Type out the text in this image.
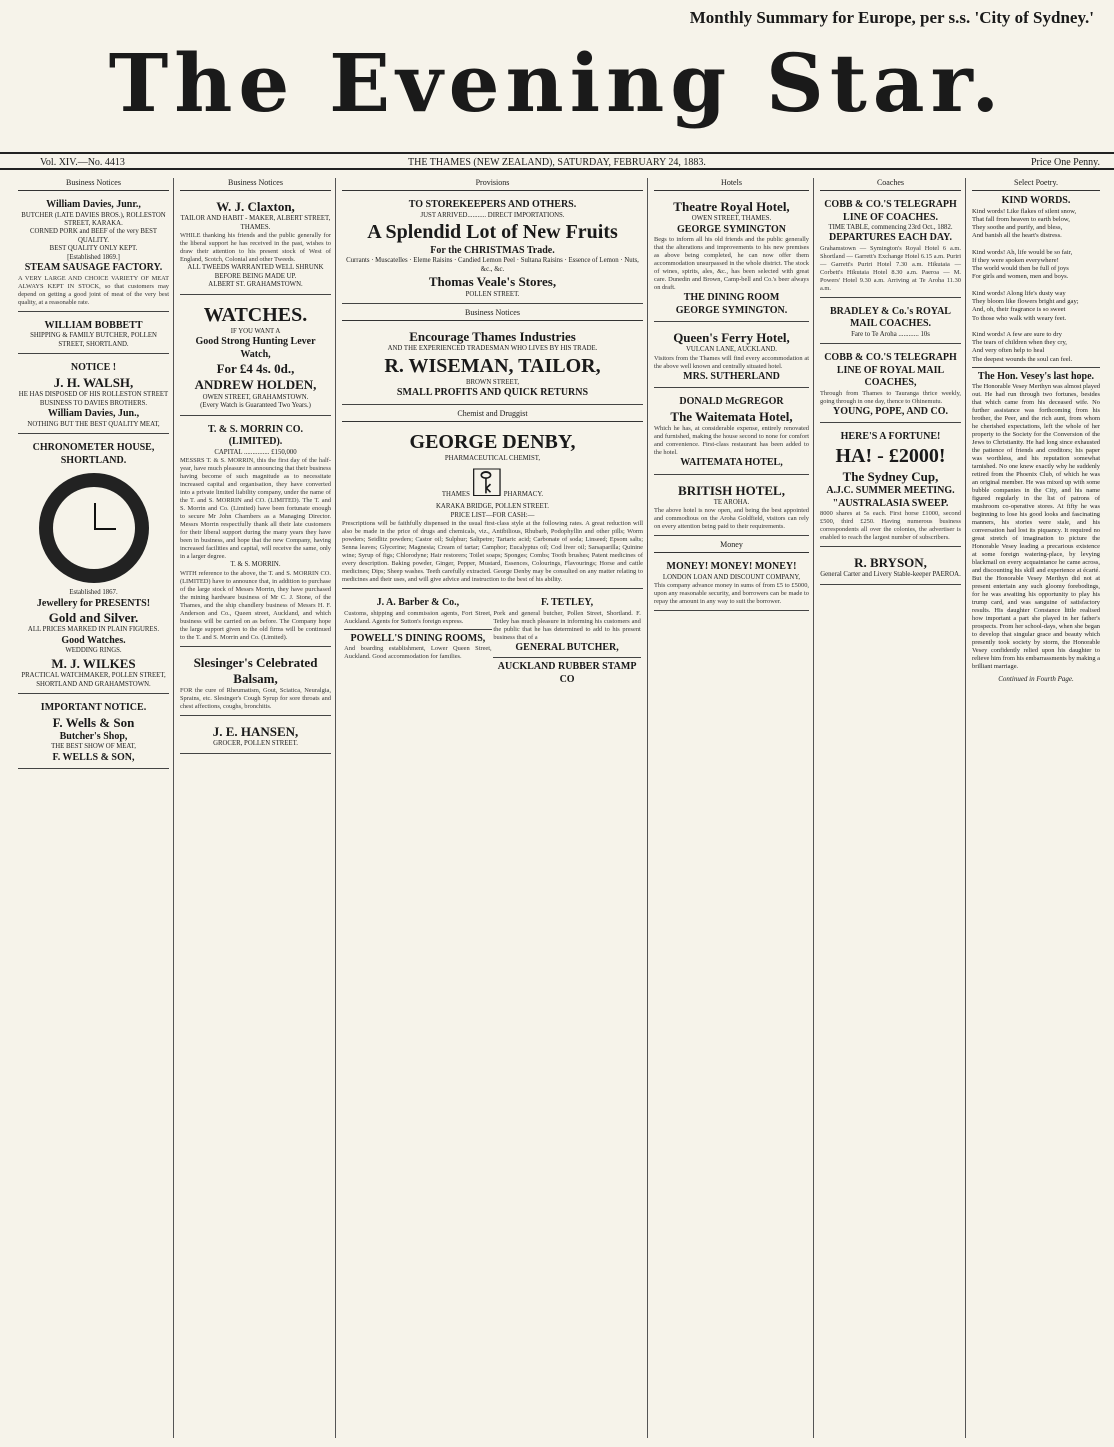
Monthly Summary for Europe, per s.s. 'City of Sydney.'
The Evening Star.
Vol. XIV.—No. 4413	THE THAMES (NEW ZEALAND), SATURDAY, FEBRUARY 24, 1883.	Price One Penny.
Business Notices
William Davies, Junr.,
BUTCHER (LATE DAVIES BROS.), ROLLESTON STREET, KARAKA.
CORNED PORK and BEEF of the very BEST QUALITY.
BEST QUALITY ONLY KEPT.
[Established 1869.]
STEAM SAUSAGE FACTORY.
A VERY LARGE AND CHOICE VARIETY OF MEAT ALWAYS KEPT IN STOCK, so that customers may depend on getting a good joint of meat of the very best quality, at a reasonable rate.
WILLIAM BOBBETT
SHIPPING & FAMILY BUTCHER, POLLEN STREET, SHORTLAND.
NOTICE !
J. H. WALSH,
HE HAS DISPOSED OF HIS ROLLESTON STREET BUSINESS TO DAVIES BROTHERS.
William Davies, Jun.,
NOTHING BUT THE BEST QUALITY MEAT,
CHRONOMETER HOUSE, SHORTLAND.
Established 1867.
Jewellery for PRESENTS!
Gold and Silver.
ALL PRICES MARKED IN PLAIN FIGURES.
Good Watches.
WEDDING RINGS.
M. J. WILKES
PRACTICAL WATCHMAKER, POLLEN STREET, SHORTLAND AND GRAHAMSTOWN.
IMPORTANT NOTICE.
F. Wells & Son
Butcher's Shop,
THE BEST SHOW OF MEAT,
F. WELLS & SON,
Business Notices
W. J. Claxton,
TAILOR AND HABIT - MAKER, ALBERT STREET, THAMES.
WHILE thanking his friends and the public generally for the liberal support he has received in the past, wishes to draw their attention to his present stock of West of England, Scotch, Colonial and other Tweeds.
ALL TWEEDS WARRANTED WELL SHRUNK BEFORE BEING MADE UP.
ALBERT ST. GRAHAMSTOWN.
WATCHES.
IF YOU WANT A
Good Strong Hunting Lever Watch,
For £4 4s. 0d.,
ANDREW HOLDEN,
OWEN STREET, GRAHAMSTOWN.
(Every Watch is Guaranteed Two Years.)
T. & S. MORRIN CO. (LIMITED).
CAPITAL ............... £150,000
MESSRS T. & S. MORRIN, this the first day of the half-year, have much pleasure in announcing that their business having become of such magnitude as to necessitate increased capital and organisation, they have converted into a private limited liability company, under the name of the T. and S. MORRIN and CO. (LIMITED). The T. and S. Morrin and Co. (Limited) have been fortunate enough to secure Mr John Chambers as a Managing Director. Messrs Morrin respectfully thank all their late customers for their liberal support during the many years they have been in business, and hope that the new Company, having increased facilities and capital, will receive the same, only in a larger degree.
T. & S. MORRIN.
WITH reference to the above, the T. and S. MORRIN CO. (LIMITED) have to announce that, in addition to purchase of the large stock of Messrs Morrin, they have purchased the mining hardware business of Mr C. J. Stone, of the Thames, and the ship chandlery business of Messrs H. F. Anderson and Co., Queen street, Auckland, and which business will be carried on as before. The Company hope the large support given to the old firms will be continued to the T. and S. Morrin and Co. (Limited).
Slesinger's Celebrated Balsam,
FOR the cure of Rheumatism, Gout, Sciatica, Neuralgia, Sprains, etc. Slesinger's Cough Syrup for sore throats and chest affections, coughs, bronchitis.
J. E. HANSEN,
GROCER, POLLEN STREET.
Provisions
TO STOREKEEPERS AND OTHERS.
JUST ARRIVED........... DIRECT IMPORTATIONS.
A Splendid Lot of New Fruits
For the CHRISTMAS Trade.
Currants · Muscatelles · Eleme Raisins · Candied Lemon Peel · Sultana Raisins · Essence of Lemon · Nuts, &c., &c.
Thomas Veale's Stores,
POLLEN STREET.
Business Notices
Encourage Thames Industries
AND THE EXPERIENCED TRADESMAN WHO LIVES BY HIS TRADE.
R. WISEMAN, TAILOR,
BROWN STREET,
SMALL PROFITS AND QUICK RETURNS
Chemist and Druggist
GEORGE DENBY,
PHARMACEUTICAL CHEMIST,
THAMES ⚿ PHARMACY.
KARAKA BRIDGE, POLLEN STREET.
PRICE LIST—FOR CASH:—
Prescriptions will be faithfully dispensed in the usual first-class style at the following rates. A great reduction will also be made in the price of drugs and chemicals, viz., Antibilious, Rhubarb, Podophyllin and other pills; Worm powders; Seidlitz powders; Castor oil; Sulphur; Saltpetre; Tartaric acid; Carbonate of soda; Linseed; Epsom salts; Senna leaves; Glycerine; Magnesia; Cream of tartar; Camphor; Eucalyptus oil; Cod liver oil; Sarsaparilla; Quinine wine; Syrup of figs; Chlorodyne; Hair restorers; Toilet soaps; Sponges; Combs; Tooth brushes; Patent medicines of every description. Baking powder, Ginger, Pepper, Mustard, Essences, Colourings, Flavourings; Horse and cattle medicines; Dips; Sheep washes. Teeth carefully extracted. George Denby may be consulted on any matter relating to medicines and their uses, and will give advice and instruction to the best of his ability.
J. A. Barber & Co.,
Customs, shipping and commission agents, Fort Street, Auckland. Agents for Sutton's foreign express.
POWELL'S DINING ROOMS,
And boarding establishment, Lower Queen Street, Auckland. Good accommodation for families.

F. TETLEY,
Pork and general butcher, Pollen Street, Shortland. F. Tetley has much pleasure in informing his customers and the public that he has determined to add to his present business that of a
GENERAL BUTCHER,
AUCKLAND RUBBER STAMP CO
Hotels
Theatre Royal Hotel,
OWEN STREET, THAMES.
GEORGE SYMINGTON
Begs to inform all his old friends and the public generally that the alterations and improvements to his new premises as above being completed, he can now offer them accommodation unsurpassed in the whole district. The stock of wines, spirits, ales, &c., has been selected with great care. Dunedin and Brown, Camp-bell and Co.'s beer always on draft.
THE DINING ROOM
GEORGE SYMINGTON.
Queen's Ferry Hotel,
VULCAN LANE, AUCKLAND.
Visitors from the Thames will find every accommodation at the above well known and centrally situated hotel.
MRS. SUTHERLAND
DONALD McGREGOR
The Waitemata Hotel,
Which he has, at considerable expense, entirely renovated and furnished, making the house second to none for comfort and convenience. First-class restaurant has been added to the hotel.
WAITEMATA HOTEL,
BRITISH HOTEL,
TE AROHA.
The above hotel is now open, and being the best appointed and commodious on the Aroha Goldfield, visitors can rely on every attention being paid to their requirements.
Money
MONEY! MONEY! MONEY!
LONDON LOAN AND DISCOUNT COMPANY,
This company advance money in sums of from £5 to £5000, upon any reasonable security, and borrowers can be made to repay the amount in any way to suit the borrower.
Coaches
COBB & CO.'S TELEGRAPH LINE OF COACHES.
TIME TABLE, commencing 23rd Oct., 1882.
DEPARTURES EACH DAY.
Grahamstown — Symington's Royal Hotel 6 a.m. Shortland — Garrett's Exchange Hotel 6.15 a.m. Puriri — Garrett's Puriri Hotel 7.30 a.m. Hikutaia — Corbett's Hikutaia Hotel 8.30 a.m. Paeroa — M. Powers' Hotel 9.30 a.m. Arriving at Te Aroha 11.30 a.m.
BRADLEY & Co.'s ROYAL MAIL COACHES.
Fare to Te Aroha ............ 10s
COBB & CO.'S TELEGRAPH LINE OF ROYAL MAIL COACHES,
Through from Thames to Tauranga thrice weekly, going through in one day, thence to Ohinemutu.
YOUNG, POPE, AND CO.
HERE'S A FORTUNE!
HA! - £2000!
The Sydney Cup,
A.J.C. SUMMER MEETING.
"AUSTRALASIA SWEEP.
8000 shares at 5s each. First horse £1000, second £500, third £250. Having numerous business correspondents all over the colonies, the advertiser is enabled to reach the largest number of subscribers.
R. BRYSON,
General Carter and Livery Stable-keeper PAEROA.
Select Poetry.
KIND WORDS.
Kind words! Like flakes of silent snow,
That fall from heaven to earth below,
They soothe and purify, and bless,
And banish all the heart's distress.

Kind words! Ah, life would be so fair,
If they were spoken everywhere!
The world would then be full of joys
For girls and women, men and boys.

Kind words! Along life's dusty way
They bloom like flowers bright and gay;
And, oh, their fragrance is so sweet
To those who walk with weary feet.

Kind words! A few are sure to dry
The tears of children when they cry,
And very often help to heal
The deepest wounds the soul can feel.
The Hon. Vesey's last hope.
The Honorable Vesey Merthyn was almost played out. He had run through two fortunes, besides that which came from his deceased wife. No further assistance was forthcoming from his brother, the Peer, and the rich aunt, from whom he cherished expectations, left the whole of her property to the Society for the Conversion of the Jews to Christianity. He had long since exhausted the patience of friends and creditors; his paper was worthless, and his reputation somewhat tarnished. No one knew exactly why he suddenly retired from the Phoenix Club, of which he was an original member. He was mixed up with some bubble companies in the City, and his name figured regularly in the list of patrons of mushroom co-operative stores. At fifty he was beginning to lose his good looks and fascinating manners, his stories were stale, and his conversation had lost its piquancy. It required no great stretch of imagination to picture the Honorable Vesey leading a precarious existence at some foreign watering-place, by levying blackmail on every acquaintance he came across, and discounting his skill and experience at écarté. But the Honorable Vesey Merthyn did not at present entertain any such gloomy forebodings, for he was awaiting his opportunity to play his trump card, and was sanguine of satisfactory results. His daughter Constance little realised how important a part she played in her father's prospects. From her school-days, when she began to develop that singular grace and beauty which presently took society by storm, the Honorable Vesey confidently relied upon his daughter to relieve him from his embarrassments by making a brilliant marriage.
Continued in Fourth Page.
